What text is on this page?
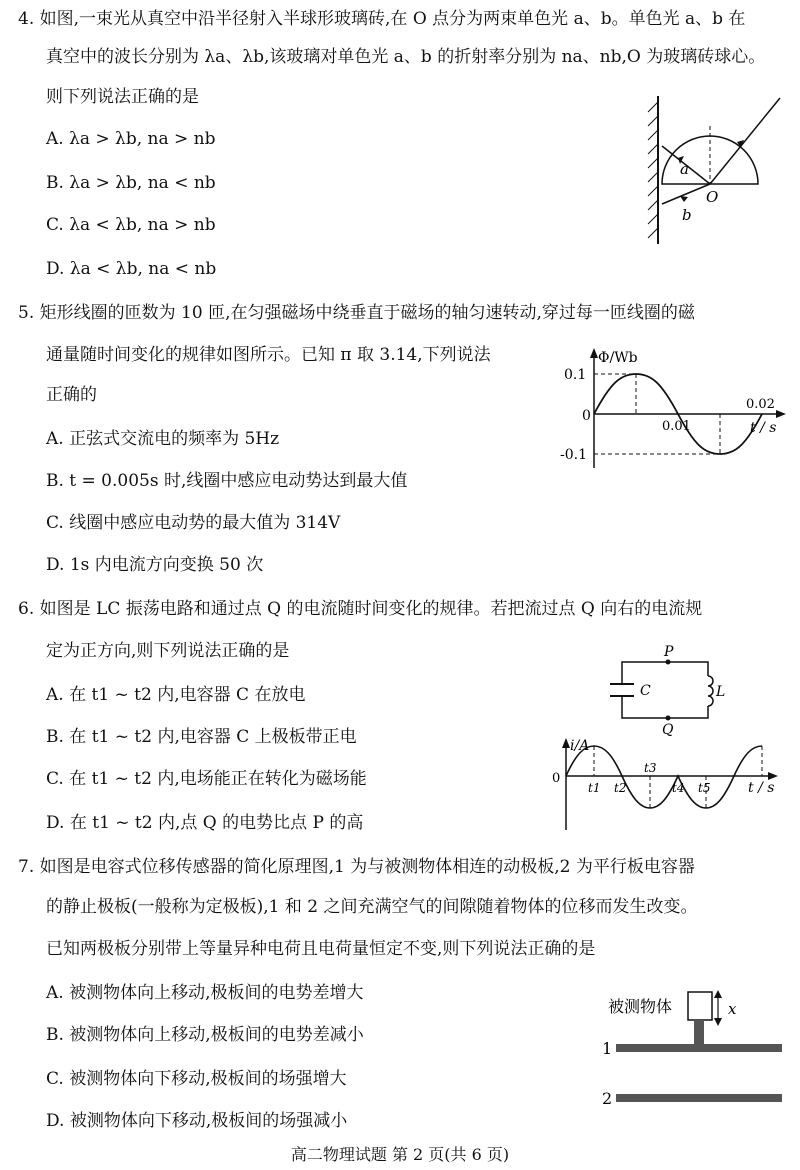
4. 如图,一束光从真空中沿半径射入半球形玻璃砖,在 O 点分为两束单色光 a、b。单色光 a、b 在
真空中的波长分别为 λa、λb,该玻璃对单色光 a、b 的折射率分别为 na、nb,O 为玻璃砖球心。
则下列说法正确的是
A. λa > λb, na > nb
B. λa > λb, na < nb
C. λa < λb, na > nb
D. λa < λb, na < nb
a
b
O
5. 矩形线圈的匝数为 10 匝,在匀强磁场中绕垂直于磁场的轴匀速转动,穿过每一匝线圈的磁
通量随时间变化的规律如图所示。已知 π 取 3.14,下列说法
正确的
A. 正弦式交流电的频率为 5Hz
B. t = 0.005s 时,线圈中感应电动势达到最大值
C. 线圈中感应电动势的最大值为 314V
D. 1s 内电流方向变换 50 次
Φ/Wb
t / s
0
0.1
-0.1
0.01
0.02
6. 如图是 LC 振荡电路和通过点 Q 的电流随时间变化的规律。若把流过点 Q 向右的电流规
定为正方向,则下列说法正确的是
A. 在 t1 ~ t2 内,电容器 C 在放电
B. 在 t1 ~ t2 内,电容器 C 上极板带正电
C. 在 t1 ~ t2 内,电场能正在转化为磁场能
D. 在 t1 ~ t2 内,点 Q 的电势比点 P 的高
P
Q
C	L
i/A
t / s
0
t1 t2
t3
t4 t5
7. 如图是电容式位移传感器的简化原理图,1 为与被测物体相连的动极板,2 为平行板电容器
的静止极板(一般称为定极板),1 和 2 之间充满空气的间隙随着物体的位移而发生改变。
已知两极板分别带上等量异种电荷且电荷量恒定不变,则下列说法正确的是
A. 被测物体向上移动,极板间的电势差增大
B. 被测物体向上移动,极板间的电势差减小
C. 被测物体向下移动,极板间的场强增大
D. 被测物体向下移动,极板间的场强减小
被测物体	x
1
2
高二物理试题 第 2 页(共 6 页)
